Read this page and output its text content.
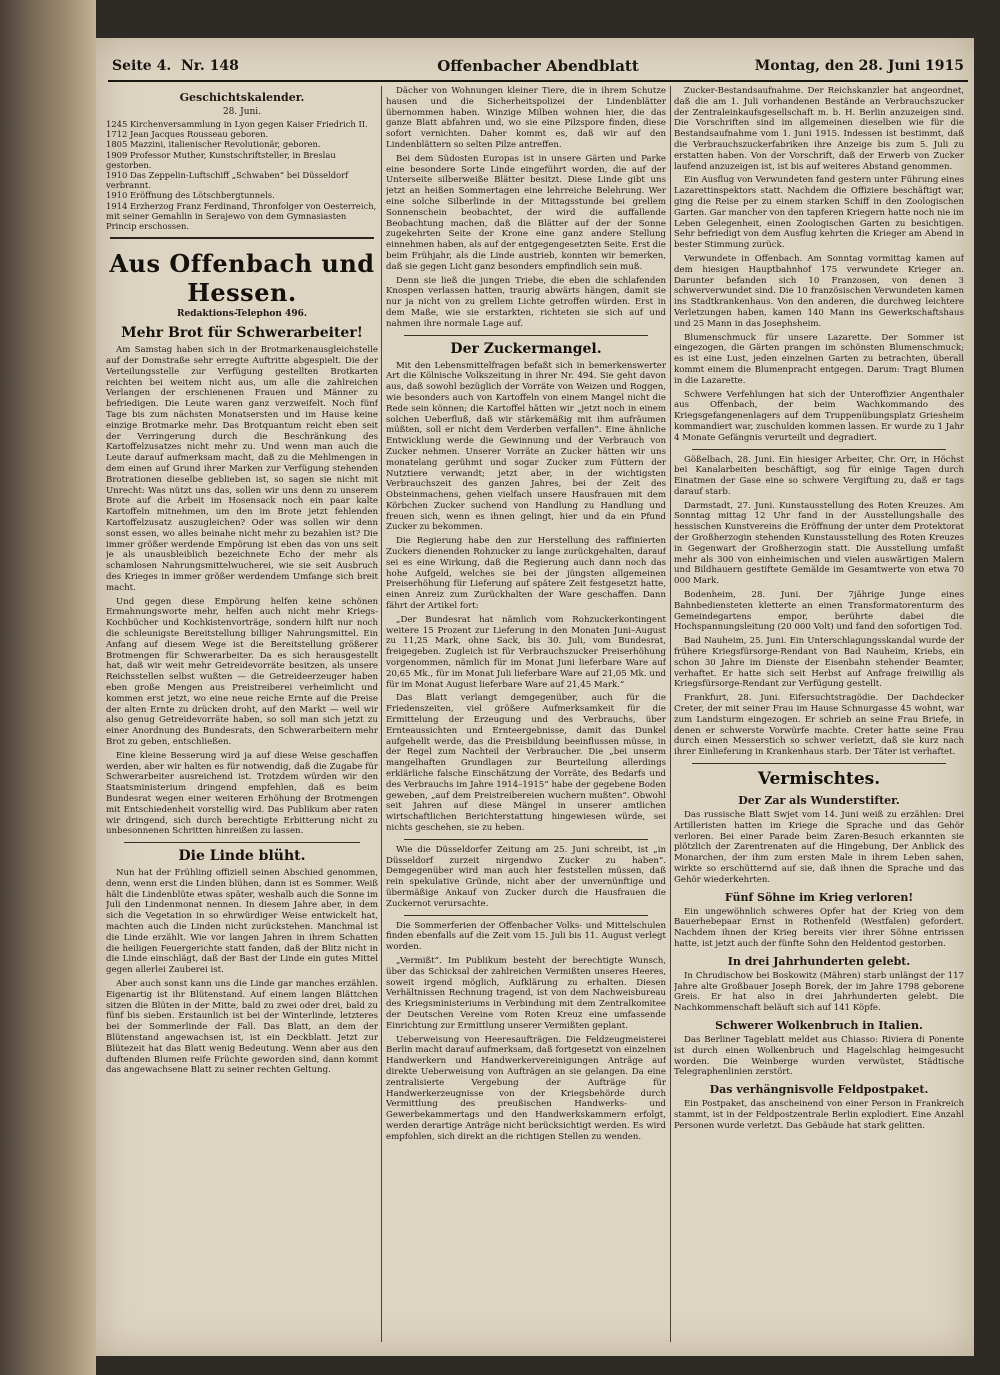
Seite 4. Nr. 148	Offenbacher Abendblatt	Montag, den 28. Juni 1915
Geschichtskalender.
28. Juni.

1245 Kirchenversammlung in Lyon gegen Kaiser Friedrich II.

1712 Jean Jacques Rousseau geboren.

1805 Mazzini, italienischer Revolutionär, geboren.

1909 Professor Muther, Kunstschriftsteller, in Breslau gestorben.

1910 Das Zeppelin-Luftschiff „Schwaben“ bei Düsseldorf verbrannt.

1910 Eröffnung des Lötschbergtunnels.

1914 Erzherzog Franz Ferdinand, Thronfolger von Oesterreich, mit seiner Gemahlin in Serajewo von dem Gymnasiasten Princip erschossen.

Aus Offenbach und Hessen.
Redaktions-Telephon 496.
Mehr Brot für Schwerarbeiter!

Am Samstag haben sich in der Brotmarkenausgleichstelle auf der Domstraße sehr erregte Auftritte abgespielt. Die der Verteilungsstelle zur Verfügung gestellten Brotkarten reichten bei weitem nicht aus, um alle die zahlreichen Verlangen der erschienenen Frauen und Männer zu befriedigen. Die Leute waren ganz verzweifelt. Noch fünf Tage bis zum nächsten Monatsersten und im Hause keine einzige Brotmarke mehr. Das Brotquantum reicht eben seit der Verringerung durch die Beschränkung des Kartoffelzusatzes nicht mehr zu. Und wenn man auch die Leute darauf aufmerksam macht, daß zu die Mehlmengen in dem einen auf Grund ihrer Marken zur Verfügung stehenden Brotrationen dieselbe geblieben ist, so sagen sie nicht mit Unrecht: Was nützt uns das, sollen wir uns denn zu unserem Brote auf die Arbeit im Hosensack noch ein paar kalte Kartoffeln mitnehmen, um den im Brote jetzt fehlenden Kartoffelzusatz auszugleichen? Oder was sollen wir denn sonst essen, wo alles beinahe nicht mehr zu bezahlen ist? Die immer größer werdende Empörung ist eben das von uns seit je als unausbleiblich bezeichnete Echo der mehr als schamlosen Nahrungsmittelwucherei, wie sie seit Ausbruch des Krieges in immer größer werdendem Umfange sich breit macht.

Und gegen diese Empörung helfen keine schönen Ermahnungsworte mehr, helfen auch nicht mehr Kriegs-Kochbücher und Kochkistenvorträge, sondern hilft nur noch die schleunigste Bereitstellung billiger Nahrungsmittel. Ein Anfang auf diesem Wege ist die Bereitstellung größerer Brotmengen für Schwerarbeiter. Da es sich herausgestellt hat, daß wir weit mehr Getreidevorräte besitzen, als unsere Reichsstellen selbst wußten — die Getreideerzeuger haben eben große Mengen aus Preistreiberei verheimlicht und kommen erst jetzt, wo eine neue reiche Ernte auf die Preise der alten Ernte zu drücken droht, auf den Markt — weil wir also genug Getreidevorräte haben, so soll man sich jetzt zu einer Anordnung des Bundesrats, den Schwerarbeitern mehr Brot zu geben, entschließen.

Eine kleine Besserung wird ja auf diese Weise geschaffen werden, aber wir halten es für notwendig, daß die Zugabe für Schwerarbeiter ausreichend ist. Trotzdem würden wir den Staatsministerium dringend empfehlen, daß es beim Bundesrat wegen einer weiteren Erhöhung der Brotmengen mit Entschiedenheit vorstellig wird. Das Publikum aber raten wir dringend, sich durch berechtigte Erbitterung nicht zu unbesonnenen Schritten hinreißen zu lassen.

Die Linde blüht.

Nun hat der Frühling offiziell seinen Abschied genommen, denn, wenn erst die Linden blühen, dann ist es Sommer. Weiß hält die Lindenblüte etwas später, weshalb auch die Sonne im Juli den Lindenmonat nennen. In diesem Jahre aber, in dem sich die Vegetation in so ehrwürdiger Weise entwickelt hat, machten auch die Linden nicht zurückstehen. Manchmal ist die Linde erzählt. Wie vor langen Jahren in ihrem Schatten die heiligen Feuergerichte statt fanden, daß der Blitz nicht in die Linde einschlägt, daß der Bast der Linde ein gutes Mittel gegen allerlei Zauberei ist.

Aber auch sonst kann uns die Linde gar manches erzählen. Eigenartig ist ihr Blütenstand. Auf einem langen Blättchen sitzen die Blüten in der Mitte, bald zu zwei oder drei, bald zu fünf bis sieben. Erstaunlich ist bei der Winterlinde, letzteres bei der Sommerlinde der Fall. Das Blatt, an dem der Blütenstand angewachsen ist, ist ein Deckblatt. Jetzt zur Blütezeit hat das Blatt wenig Bedeutung. Wenn aber aus den duftenden Blumen reife Früchte geworden sind, dann kommt das angewachsene Blatt zu seiner rechten Geltung.

Dächer von Wohnungen kleiner Tiere, die in ihrem Schutze hausen und die Sicherheitspolizei der Lindenblätter übernommen haben. Winzige Milben wohnen hier, die das ganze Blatt abfahren und, wo sie eine Pilzspore finden, diese sofort vernichten. Daher kommt es, daß wir auf den Lindenblättern so selten Pilze antreffen.

Bei dem Südosten Europas ist in unsere Gärten und Parke eine besondere Sorte Linde eingeführt worden, die auf der Unterseite silberweiße Blätter besitzt. Diese Linde gibt uns jetzt an heißen Sommertagen eine lehrreiche Belehrung. Wer eine solche Silberlinde in der Mittagsstunde bei grellem Sonnenschein beobachtet, der wird die auffallende Beobachtung machen, daß die Blätter auf der der Sonne zugekehrten Seite der Krone eine ganz andere Stellung einnehmen haben, als auf der entgegengesetzten Seite. Erst die beim Frühjahr, als die Linde austrieb, konnten wir bemerken, daß sie gegen Licht ganz besonders empfindlich sein muß.

Denn sie ließ die jungen Triebe, die eben die schlafenden Knospen verlassen hatten, traurig abwärts hängen, damit sie nur ja nicht von zu grellem Lichte getroffen würden. Erst in dem Maße, wie sie erstarkten, richteten sie sich auf und nahmen ihre normale Lage auf.

Der Zuckermangel.

Mit den Lebensmittelfragen befaßt sich in bemerkenswerter Art die Kölnische Volkszeitung in ihrer Nr. 494. Sie geht davon aus, daß sowohl bezüglich der Vorräte von Weizen und Roggen, wie besonders auch von Kartoffeln von einem Mangel nicht die Rede sein können; die Kartoffel hätten wir „jetzt noch in einem solchen Ueberfluß, daß wir stärkemäßig mit ihm aufräumen müßten, soll er nicht dem Verderben verfallen“. Eine ähnliche Entwicklung werde die Gewinnung und der Verbrauch von Zucker nehmen. Unserer Vorräte an Zucker hätten wir uns monatelang gerühmt und sogar Zucker zum Füttern der Nutztiere verwandt; jetzt aber, in der wichtigsten Verbrauchszeit des ganzen Jahres, bei der Zeit des Obsteinmachens, gehen vielfach unsere Hausfrauen mit dem Körbchen Zucker suchend von Handlung zu Handlung und freuen sich, wenn es ihnen gelingt, hier und da ein Pfund Zucker zu bekommen.

Die Regierung habe den zur Herstellung des raffinierten Zuckers dienenden Rohzucker zu lange zurückgehalten, darauf sei es eine Wirkung, daß die Regierung auch dann noch das hohe Aufgeld, welches sie bei der jüngsten allgemeinen Preiserhöhung für Lieferung auf spätere Zeit festgesetzt hatte, einen Anreiz zum Zurückhalten der Ware geschaffen. Dann fährt der Artikel fort:

„Der Bundesrat hat nämlich vom Rohzuckerkontingent weitere 15 Prozent zur Lieferung in den Monaten Juni–August zu 11,25 Mark, ohne Sack, bis 30. Juli, vom Bundesrat, freigegeben. Zugleich ist für Verbrauchszucker Preiserhöhung vorgenommen, nämlich für im Monat Juni lieferbare Ware auf 20,65 Mk., für im Monat Juli lieferbare Ware auf 21,05 Mk. und für im Monat August lieferbare Ware auf 21,45 Mark.“

Das Blatt verlangt demgegenüber, auch für die Friedenszeiten, viel größere Aufmerksamkeit für die Ermittelung der Erzeugung und des Verbrauchs, über Ernteaussichten und Ernteergebnisse, damit das Dunkel aufgehellt werde, das die Preisbildung beeinflussen müsse, in der Regel zum Nachteil der Verbraucher. Die „bei unserm mangelhaften Grundlagen zur Beurteilung allerdings erklärliche falsche Einschätzung der Vorräte, des Bedarfs und des Verbrauchs im Jahre 1914–1915“ habe der gegebene Boden geweben, „auf dem Preistreibereien wuchern mußten“. Obwohl seit Jahren auf diese Mängel in unserer amtlichen wirtschaftlichen Berichterstattung hingewiesen würde, sei nichts geschehen, sie zu heben.

Wie die Düsseldorfer Zeitung am 25. Juni schreibt, ist „in Düsseldorf zurzeit nirgendwo Zucker zu haben“. Demgegenüber wird man auch hier feststellen müssen, daß rein spekulative Gründe, nicht aber der unvernünftige und übermäßige Ankauf von Zucker durch die Hausfrauen die Zuckernot verursachte.

Die Sommerferien der Offenbacher Volks- und Mittelschulen finden ebenfalls auf die Zeit vom 15. Juli bis 11. August verlegt worden.

„Vermißt“. Im Publikum besteht der berechtigte Wunsch, über das Schicksal der zahlreichen Vermißten unseres Heeres, soweit irgend möglich, Aufklärung zu erhalten. Diesen Verhältnissen Rechnung tragend, ist von dem Nachweisbureau des Kriegsministeriums in Verbindung mit dem Zentralkomitee der Deutschen Vereine vom Roten Kreuz eine umfassende Einrichtung zur Ermittlung unserer Vermißten geplant.

Ueberweisung von Heeresaufträgen. Die Feldzeugmeisterei Berlin macht darauf aufmerksam, daß fortgesetzt von einzelnen Handwerkern und Handwerkervereinigungen Anträge auf direkte Ueberweisung von Aufträgen an sie gelangen. Da eine zentralisierte Vergebung der Aufträge für Handwerkerzeugnisse von der Kriegsbehörde durch Vermittlung des preußischen Handwerks- und Gewerbekammertags und den Handwerkskammern erfolgt, werden derartige Anträge nicht berücksichtigt werden. Es wird empfohlen, sich direkt an die richtigen Stellen zu wenden.

Zucker-Bestandsaufnahme. Der Reichskanzler hat angeordnet, daß die am 1. Juli vorhandenen Bestände an Verbrauchszucker der Zentraleinkaufsgesellschaft m. b. H. Berlin anzuzeigen sind. Die Vorschriften sind im allgemeinen dieselben wie für die Bestandsaufnahme vom 1. Juni 1915. Indessen ist bestimmt, daß die Verbrauchszuckerfabriken ihre Anzeige bis zum 5. Juli zu erstatten haben. Von der Vorschrift, daß der Erwerb von Zucker laufend anzuzeigen ist, ist bis auf weiteres Abstand genommen.

Ein Ausflug von Verwundeten fand gestern unter Führung eines Lazarettinspektors statt. Nachdem die Offiziere beschäftigt war, ging die Reise per zu einem starken Schiff in den Zoologischen Garten. Gar mancher von den tapferen Kriegern hatte noch nie im Leben Gelegenheit, einen Zoologischen Garten zu besichtigen. Sehr befriedigt von dem Ausflug kehrten die Krieger am Abend in bester Stimmung zurück.

Verwundete in Offenbach. Am Sonntag vormittag kamen auf dem hiesigen Hauptbahnhof 175 verwundete Krieger an. Darunter befanden sich 10 Franzosen, von denen 3 schwerverwundet sind. Die 10 französischen Verwundeten kamen ins Stadtkrankenhaus. Von den anderen, die durchweg leichtere Verletzungen haben, kamen 140 Mann ins Gewerkschaftshaus und 25 Mann in das Josephsheim.

Blumenschmuck für unsere Lazarette. Der Sommer ist eingezogen, die Gärten prangen im schönsten Blumenschmuck; es ist eine Lust, jeden einzelnen Garten zu betrachten, überall kommt einem die Blumenpracht entgegen. Darum: Tragt Blumen in die Lazarette.

Schwere Verfehlungen hat sich der Unteroffizier Angenthaler aus Offenbach, der beim Wachkommando des Kriegsgefangenenlagers auf dem Truppenübungsplatz Griesheim kommandiert war, zuschulden kommen lassen. Er wurde zu 1 Jahr 4 Monate Gefängnis verurteilt und degradiert.

Gößelbach, 28. Juni. Ein hiesiger Arbeiter, Chr. Orr, in Höchst bei Kanalarbeiten beschäftigt, sog für einige Tagen durch Einatmen der Gase eine so schwere Vergiftung zu, daß er tags darauf starb.

Darmstadt, 27. Juni. Kunstausstellung des Roten Kreuzes. Am Sonntag mittag 12 Uhr fand in der Ausstellungshalle des hessischen Kunstvereins die Eröffnung der unter dem Protektorat der Großherzogin stehenden Kunstausstellung des Roten Kreuzes in Gegenwart der Großherzogin statt. Die Ausstellung umfaßt mehr als 300 von einheimischen und vielen auswärtigen Malern und Bildhauern gestiftete Gemälde im Gesamtwerte von etwa 70 000 Mark.

Bodenheim, 28. Juni. Der 7jährige Junge eines Bahnbediensteten kletterte an einen Transformatorenturm des Gemeindegartens empor, berührte dabei die Hochspannungsleitung (20 000 Volt) und fand den sofortigen Tod.

Bad Nauheim, 25. Juni. Ein Unterschlagungsskandal wurde der frühere Kriegsfürsorge-Rendant von Bad Nauheim, Kriebs, ein schon 30 Jahre im Dienste der Eisenbahn stehender Beamter, verhaftet. Er hatte sich seit Herbst auf Anfrage freiwillig als Kriegsfürsorge-Rendant zur Verfügung gestellt.

Frankfurt, 28. Juni. Eifersuchtstragödie. Der Dachdecker Creter, der mit seiner Frau im Hause Schnurgasse 45 wohnt, war zum Landsturm eingezogen. Er schrieb an seine Frau Briefe, in denen er schwerste Vorwürfe machte. Creter hatte seine Frau durch einen Messerstich so schwer verletzt, daß sie kurz nach ihrer Einlieferung in Krankenhaus starb. Der Täter ist verhaftet.

Vermischtes.
Der Zar als Wunderstifter.

Das russische Blatt Swjet vom 14. Juni weiß zu erzählen: Drei Artilleristen hatten im Kriege die Sprache und das Gehör verloren. Bei einer Parade beim Zaren-Besuch erkannten sie plötzlich der Zarentrenaten auf die Hingebung, Der Anblick des Monarchen, der ihm zum ersten Male in ihrem Leben sahen, wirkte so erschütternd auf sie, daß ihnen die Sprache und das Gehör wiederkehrten.

Fünf Söhne im Krieg verloren!

Ein ungewöhnlich schweres Opfer hat der Krieg von dem Bauerhebepaar Ernst in Rothenfeld (Westfalen) gefordert. Nachdem ihnen der Krieg bereits vier ihrer Söhne entrissen hatte, ist jetzt auch der fünfte Sohn den Heldentod gestorben.

In drei Jahrhunderten gelebt.

In Chrudischow bei Boskowitz (Mähren) starb unlängst der 117 Jahre alte Großbauer Joseph Borek, der im Jahre 1798 geborene Greis. Er hat also in drei Jahrhunderten gelebt. Die Nachkommenschaft beläuft sich auf 141 Köpfe.

Schwerer Wolkenbruch in Italien.

Das Berliner Tageblatt meldet aus Chiasso: Riviera di Ponente ist durch einen Wolkenbruch und Hagelschlag heimgesucht worden. Die Weinberge wurden verwüstet, Städtische Telegraphenlinien zerstört.

Das verhängnisvolle Feldpostpaket.

Ein Postpaket, das anscheinend von einer Person in Frankreich stammt, ist in der Feldpostzentrale Berlin explodiert. Eine Anzahl Personen wurde verletzt. Das Gebäude hat stark gelitten.
